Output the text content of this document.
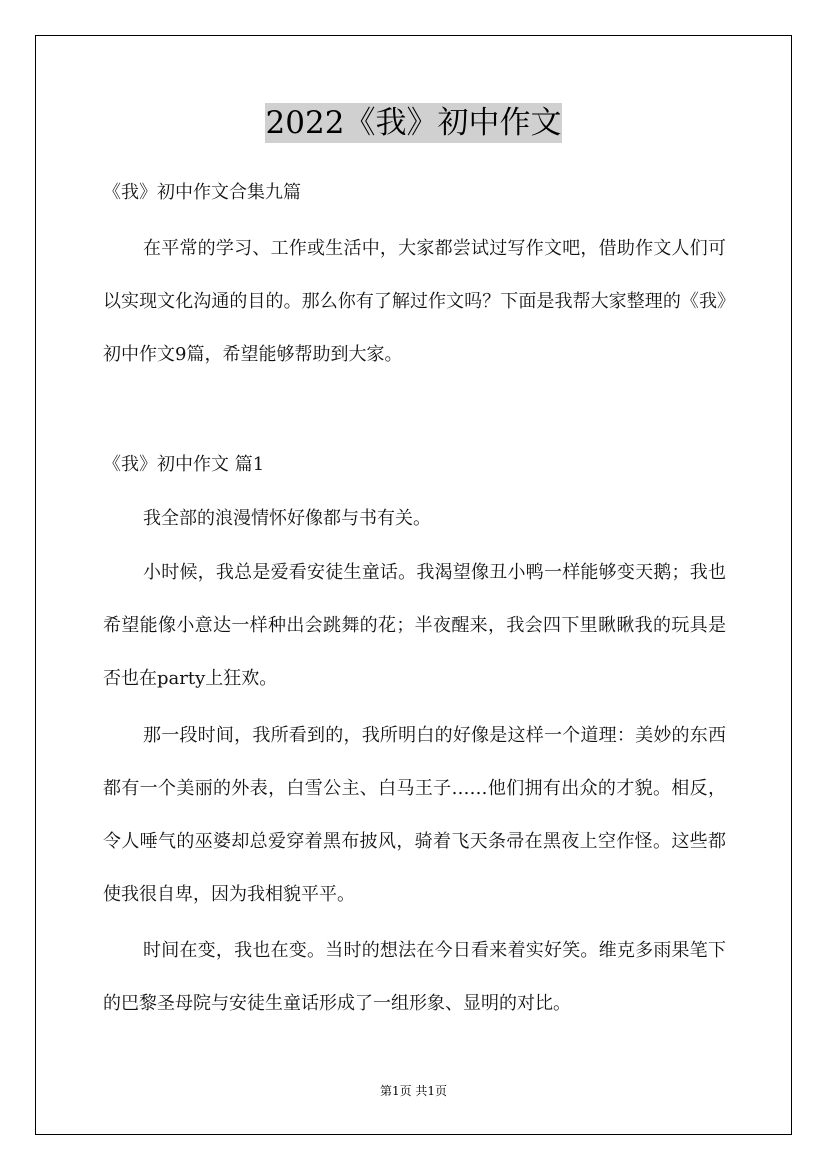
2022《我》初中作文
《我》初中作文合集九篇
在平常的学习、工作或生活中，大家都尝试过写作文吧，借助作文人们可以实现文化沟通的目的。那么你有了解过作文吗？下面是我帮大家整理的《我》初中作文9篇，希望能够帮助到大家。
《我》初中作文 篇1
我全部的浪漫情怀好像都与书有关。
小时候，我总是爱看安徒生童话。我渴望像丑小鸭一样能够变天鹅；我也希望能像小意达一样种出会跳舞的花；半夜醒来，我会四下里瞅瞅我的玩具是否也在party上狂欢。
那一段时间，我所看到的，我所明白的好像是这样一个道理：美妙的东西都有一个美丽的外表，白雪公主、白马王子……他们拥有出众的才貌。相反，令人唾气的巫婆却总爱穿着黑布披风，骑着飞天条帚在黑夜上空作怪。这些都使我很自卑，因为我相貌平平。
时间在变，我也在变。当时的想法在今日看来着实好笑。维克多雨果笔下的巴黎圣母院与安徒生童话形成了一组形象、显明的对比。
第1页 共1页
